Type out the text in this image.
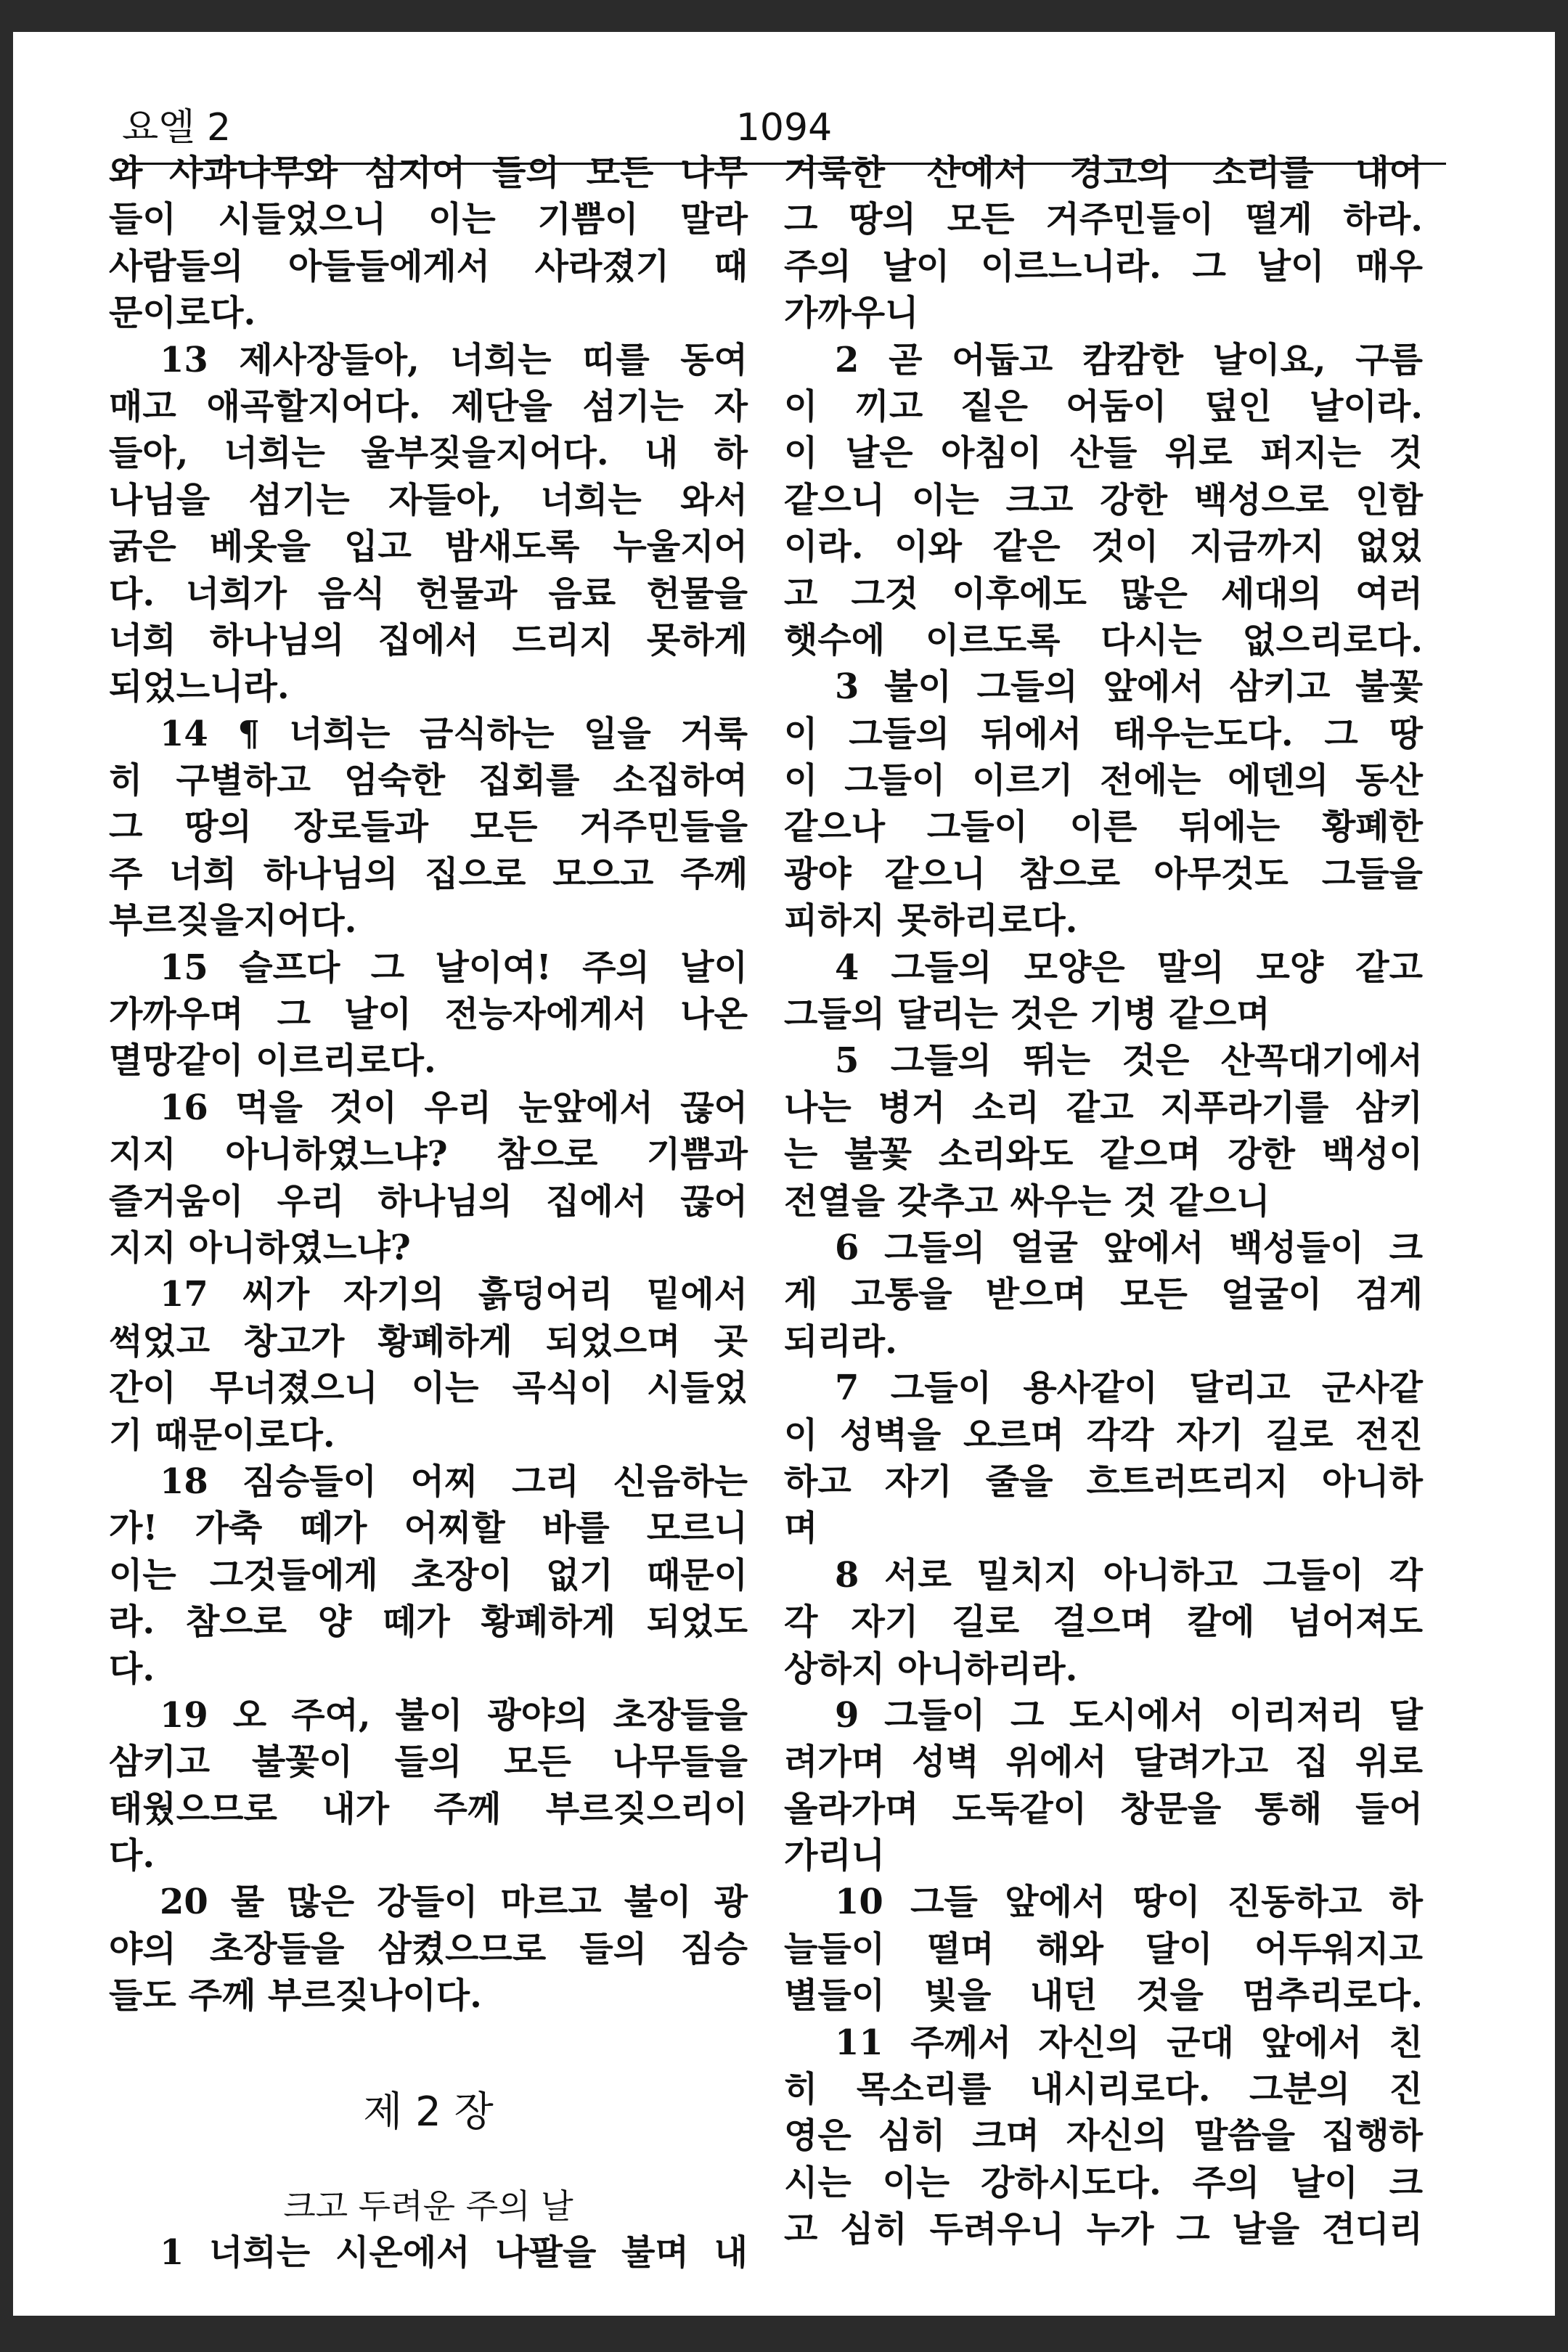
요엘 2	1094
와 사과나무와 심지어 들의 모든 나무
들이 시들었으니 이는 기쁨이 말라
사람들의 아들들에게서 사라졌기 때
문이로다.
13 제사장들아, 너희는 띠를 동여
매고 애곡할지어다. 제단을 섬기는 자
들아, 너희는 울부짖을지어다. 내 하
나님을 섬기는 자들아, 너희는 와서
굵은 베옷을 입고 밤새도록 누울지어
다. 너희가 음식 헌물과 음료 헌물을
너희 하나님의 집에서 드리지 못하게
되었느니라.
14 ¶ 너희는 금식하는 일을 거룩
히 구별하고 엄숙한 집회를 소집하여
그 땅의 장로들과 모든 거주민들을
주 너희 하나님의 집으로 모으고 주께
부르짖을지어다.
15 슬프다 그 날이여! 주의 날이
가까우며 그 날이 전능자에게서 나온
멸망같이 이르리로다.
16 먹을 것이 우리 눈앞에서 끊어
지지 아니하였느냐? 참으로 기쁨과
즐거움이 우리 하나님의 집에서 끊어
지지 아니하였느냐?
17 씨가 자기의 흙덩어리 밑에서
썩었고 창고가 황폐하게 되었으며 곳
간이 무너졌으니 이는 곡식이 시들었
기 때문이로다.
18 짐승들이 어찌 그리 신음하는
가! 가축 떼가 어찌할 바를 모르니
이는 그것들에게 초장이 없기 때문이
라. 참으로 양 떼가 황폐하게 되었도
다.
19 오 주여, 불이 광야의 초장들을
삼키고 불꽃이 들의 모든 나무들을
태웠으므로 내가 주께 부르짖으리이
다.
20 물 많은 강들이 마르고 불이 광
야의 초장들을 삼켰으므로 들의 짐승
들도 주께 부르짖나이다.
제 2 장
크고 두려운 주의 날
1 너희는 시온에서 나팔을 불며 내
거룩한 산에서 경고의 소리를 내어
그 땅의 모든 거주민들이 떨게 하라.
주의 날이 이르느니라. 그 날이 매우
가까우니
2 곧 어둡고 캄캄한 날이요, 구름
이 끼고 짙은 어둠이 덮인 날이라.
이 날은 아침이 산들 위로 퍼지는 것
같으니 이는 크고 강한 백성으로 인함
이라. 이와 같은 것이 지금까지 없었
고 그것 이후에도 많은 세대의 여러
햇수에 이르도록 다시는 없으리로다.
3 불이 그들의 앞에서 삼키고 불꽃
이 그들의 뒤에서 태우는도다. 그 땅
이 그들이 이르기 전에는 에덴의 동산
같으나 그들이 이른 뒤에는 황폐한
광야 같으니 참으로 아무것도 그들을
피하지 못하리로다.
4 그들의 모양은 말의 모양 같고
그들의 달리는 것은 기병 같으며
5 그들의 뛰는 것은 산꼭대기에서
나는 병거 소리 같고 지푸라기를 삼키
는 불꽃 소리와도 같으며 강한 백성이
전열을 갖추고 싸우는 것 같으니
6 그들의 얼굴 앞에서 백성들이 크
게 고통을 받으며 모든 얼굴이 검게
되리라.
7 그들이 용사같이 달리고 군사같
이 성벽을 오르며 각각 자기 길로 전진
하고 자기 줄을 흐트러뜨리지 아니하
며
8 서로 밀치지 아니하고 그들이 각
각 자기 길로 걸으며 칼에 넘어져도
상하지 아니하리라.
9 그들이 그 도시에서 이리저리 달
려가며 성벽 위에서 달려가고 집 위로
올라가며 도둑같이 창문을 통해 들어
가리니
10 그들 앞에서 땅이 진동하고 하
늘들이 떨며 해와 달이 어두워지고
별들이 빛을 내던 것을 멈추리로다.
11 주께서 자신의 군대 앞에서 친
히 목소리를 내시리로다. 그분의 진
영은 심히 크며 자신의 말씀을 집행하
시는 이는 강하시도다. 주의 날이 크
고 심히 두려우니 누가 그 날을 견디리
